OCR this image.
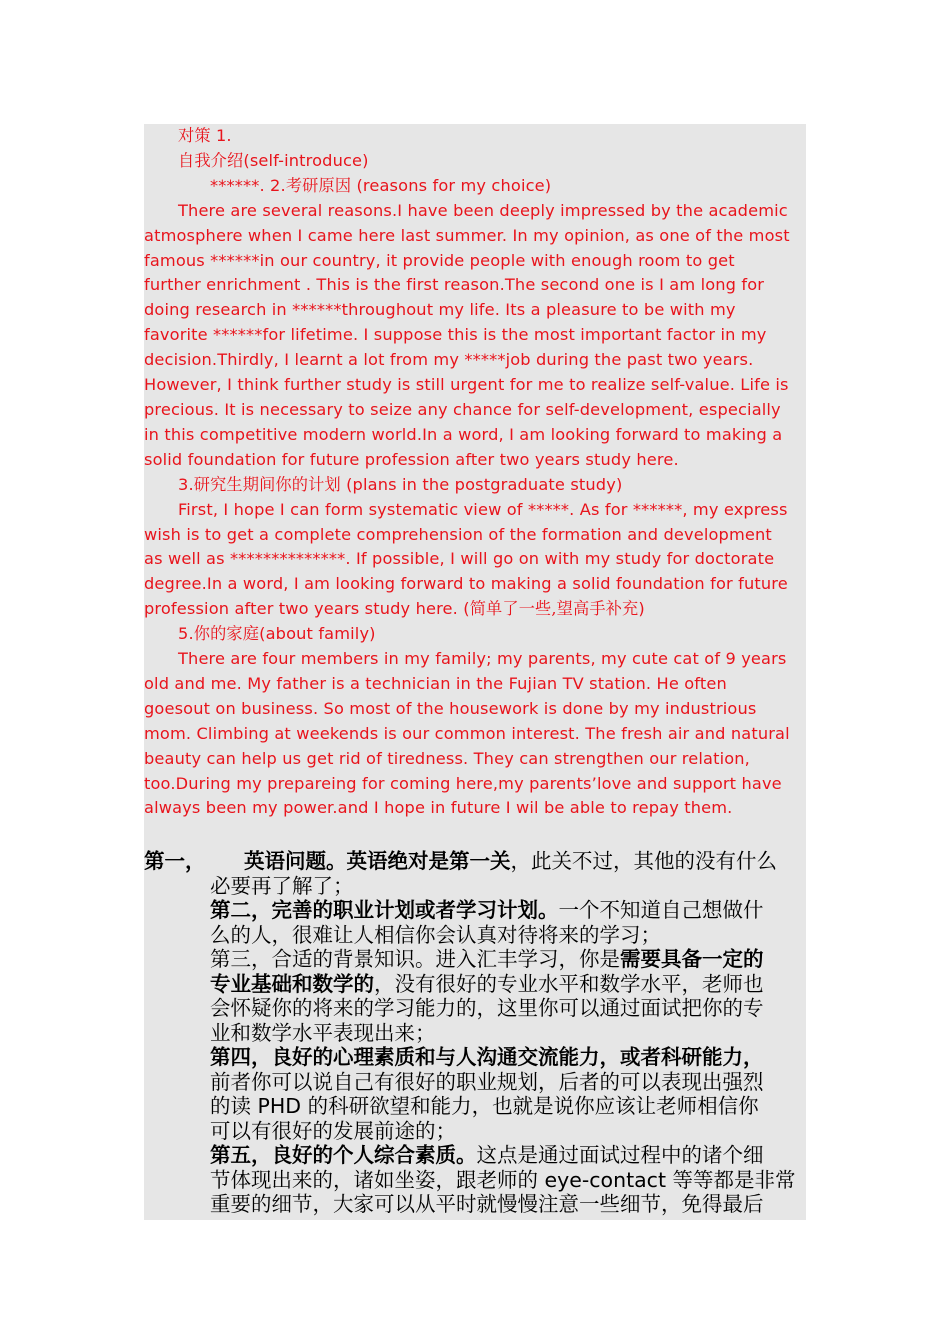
对策 1.
自我介绍(self-introduce)
******. 2.考研原因 (reasons for my choice)
There are several reasons.I have been deeply impressed by the academic
atmosphere when I came here last summer. In my opinion, as one of the most
famous ******in our country, it provide people with enough room to get
further enrichment . This is the first reason.The second one is I am long for
doing research in ******throughout my life. Its a pleasure to be with my
favorite ******for lifetime. I suppose this is the most important factor in my
decision.Thirdly, I learnt a lot from my *****job during the past two years.
However, I think further study is still urgent for me to realize self-value. Life is
precious. It is necessary to seize any chance for self-development, especially
in this competitive modern world.In a word, I am looking forward to making a
solid foundation for future profession after two years study here.
3.研究生期间你的计划 (plans in the postgraduate study)
First, I hope I can form systematic view of *****. As for ******, my express
wish is to get a complete comprehension of the formation and development
as well as **************. If possible, I will go on with my study for doctorate
degree.In a word, I am looking forward to making a solid foundation for future
profession after two years study here. (简单了一些,望高手补充)
5.你的家庭(about family)
There are four members in my family; my parents, my cute cat of 9 years
old and me. My father is a technician in the Fujian TV station. He often
goesout on business. So most of the housework is done by my industrious
mom. Climbing at weekends is our common interest. The fresh air and natural
beauty can help us get rid of tiredness. They can strengthen our relation,
too.During my prepareing for coming here,my parents’love and support have
always been my power.and I hope in future I wil be able to repay them.
第一， 英语问题。英语绝对是第一关，此关不过，其他的没有什么
必要再了解了；
第二，完善的职业计划或者学习计划。一个不知道自己想做什
么的人，很难让人相信你会认真对待将来的学习；
第三，合适的背景知识。进入汇丰学习，你是需要具备一定的
专业基础和数学的，没有很好的专业水平和数学水平，老师也
会怀疑你的将来的学习能力的，这里你可以通过面试把你的专
业和数学水平表现出来；
第四，良好的心理素质和与人沟通交流能力，或者科研能力，
前者你可以说自己有很好的职业规划，后者的可以表现出强烈
的读 PHD 的科研欲望和能力，也就是说你应该让老师相信你
可以有很好的发展前途的；
第五，良好的个人综合素质。这点是通过面试过程中的诸个细
节体现出来的，诸如坐姿，跟老师的 eye-contact 等等都是非常
重要的细节，大家可以从平时就慢慢注意一些细节，免得最后
